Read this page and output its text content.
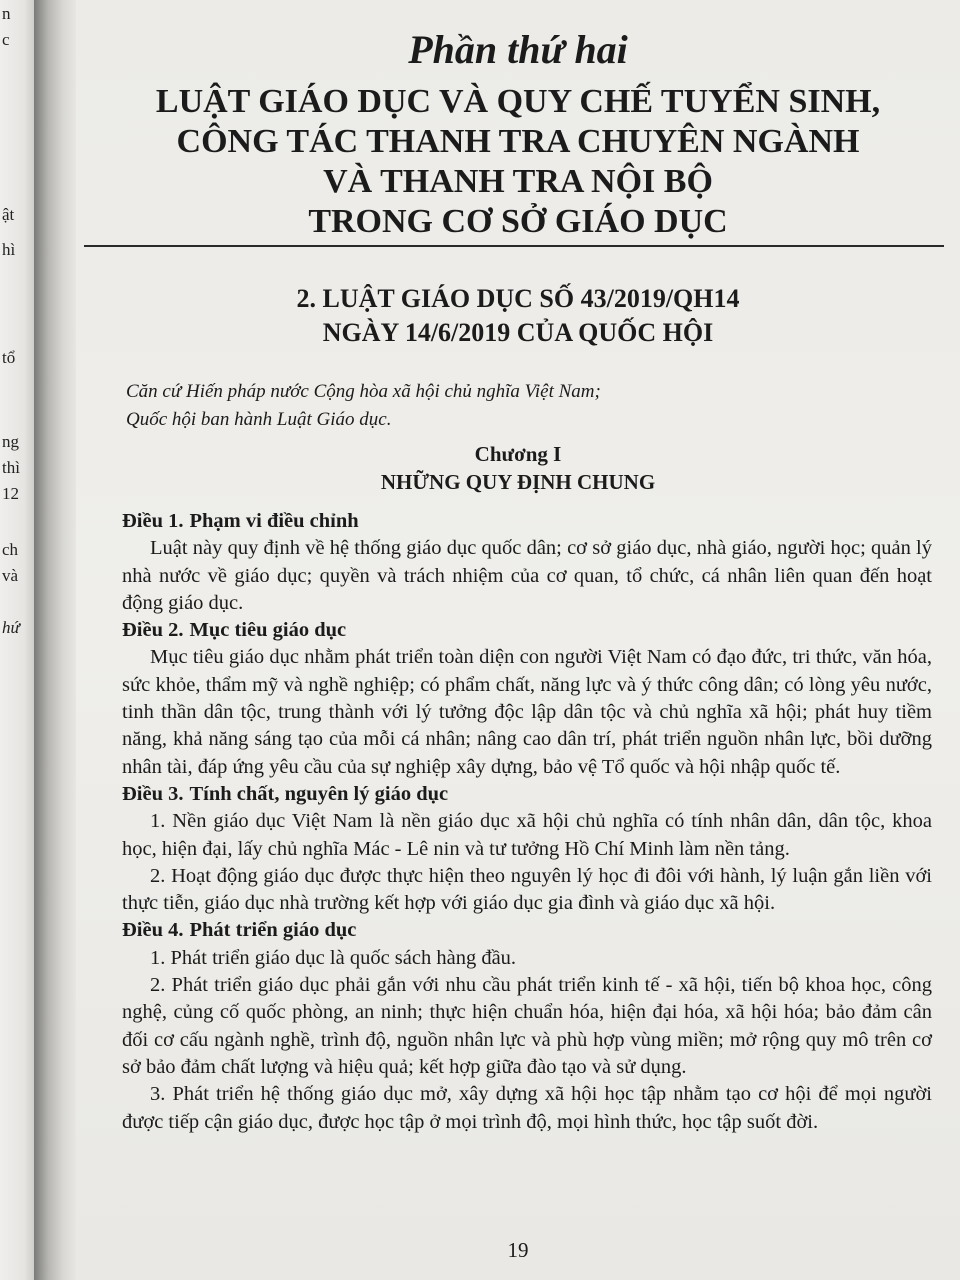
n
c
ật
hì
tổ
ng
thì
12
ch
và
hứ
Phần thứ hai
LUẬT GIÁO DỤC VÀ QUY CHẾ TUYỂN SINH,
CÔNG TÁC THANH TRA CHUYÊN NGÀNH
VÀ THANH TRA NỘI BỘ
TRONG CƠ SỞ GIÁO DỤC
2. LUẬT GIÁO DỤC SỐ 43/2019/QH14
NGÀY 14/6/2019 CỦA QUỐC HỘI
Căn cứ Hiến pháp nước Cộng hòa xã hội chủ nghĩa Việt Nam;
Quốc hội ban hành Luật Giáo dục.
Chương I
NHỮNG QUY ĐỊNH CHUNG
Điều 1. Phạm vi điều chỉnh

Luật này quy định về hệ thống giáo dục quốc dân; cơ sở giáo dục, nhà giáo, người học; quản lý nhà nước về giáo dục; quyền và trách nhiệm của cơ quan, tổ chức, cá nhân liên quan đến hoạt động giáo dục.

Điều 2. Mục tiêu giáo dục

Mục tiêu giáo dục nhằm phát triển toàn diện con người Việt Nam có đạo đức, tri thức, văn hóa, sức khỏe, thẩm mỹ và nghề nghiệp; có phẩm chất, năng lực và ý thức công dân; có lòng yêu nước, tinh thần dân tộc, trung thành với lý tưởng độc lập dân tộc và chủ nghĩa xã hội; phát huy tiềm năng, khả năng sáng tạo của mỗi cá nhân; nâng cao dân trí, phát triển nguồn nhân lực, bồi dưỡng nhân tài, đáp ứng yêu cầu của sự nghiệp xây dựng, bảo vệ Tổ quốc và hội nhập quốc tế.

Điều 3. Tính chất, nguyên lý giáo dục

1. Nền giáo dục Việt Nam là nền giáo dục xã hội chủ nghĩa có tính nhân dân, dân tộc, khoa học, hiện đại, lấy chủ nghĩa Mác - Lê nin và tư tưởng Hồ Chí Minh làm nền tảng.

2. Hoạt động giáo dục được thực hiện theo nguyên lý học đi đôi với hành, lý luận gắn liền với thực tiễn, giáo dục nhà trường kết hợp với giáo dục gia đình và giáo dục xã hội.

Điều 4. Phát triển giáo dục

1. Phát triển giáo dục là quốc sách hàng đầu.

2. Phát triển giáo dục phải gắn với nhu cầu phát triển kinh tế - xã hội, tiến bộ khoa học, công nghệ, củng cố quốc phòng, an ninh; thực hiện chuẩn hóa, hiện đại hóa, xã hội hóa; bảo đảm cân đối cơ cấu ngành nghề, trình độ, nguồn nhân lực và phù hợp vùng miền; mở rộng quy mô trên cơ sở bảo đảm chất lượng và hiệu quả; kết hợp giữa đào tạo và sử dụng.

3. Phát triển hệ thống giáo dục mở, xây dựng xã hội học tập nhằm tạo cơ hội để mọi người được tiếp cận giáo dục, được học tập ở mọi trình độ, mọi hình thức, học tập suốt đời.

19
